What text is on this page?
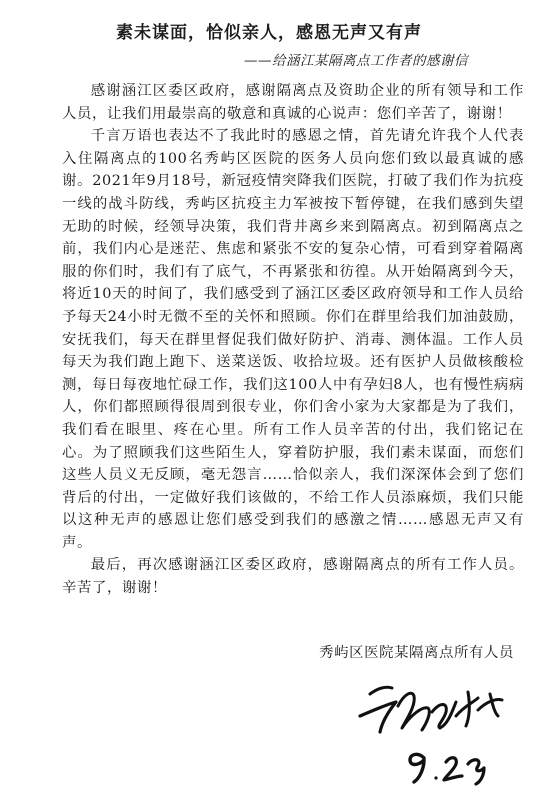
素未谋面，恰似亲人，感恩无声又有声
——给涵江某隔离点工作者的感谢信

感谢涵江区委区政府，感谢隔离点及资助企业的所有领导和工作人员，让我们用最崇高的敬意和真诚的心说声：您们辛苦了，谢谢！

千言万语也表达不了我此时的感恩之情，首先请允许我个人代表入住隔离点的100名秀屿区医院的医务人员向您们致以最真诚的感谢。2021年9月18号，新冠疫情突降我们医院，打破了我们作为抗疫一线的战斗防线，秀屿区抗疫主力军被按下暂停键，在我们感到失望无助的时候，经领导决策，我们背井离乡来到隔离点。初到隔离点之前，我们内心是迷茫、焦虑和紧张不安的复杂心情，可看到穿着隔离服的你们时，我们有了底气，不再紧张和彷徨。从开始隔离到今天，将近10天的时间了，我们感受到了涵江区委区政府领导和工作人员给予每天24小时无微不至的关怀和照顾。你们在群里给我们加油鼓励，安抚我们，每天在群里督促我们做好防护、消毒、测体温。工作人员每天为我们跑上跑下、送菜送饭、收拾垃圾。还有医护人员做核酸检测，每日每夜地忙碌工作，我们这100人中有孕妇8人，也有慢性病病人，你们都照顾得很周到很专业，你们舍小家为大家都是为了我们，我们看在眼里、疼在心里。所有工作人员辛苦的付出，我们铭记在心。为了照顾我们这些陌生人，穿着防护服，我们素未谋面，而您们这些人员义无反顾，毫无怨言……恰似亲人，我们深深体会到了您们背后的付出，一定做好我们该做的，不给工作人员添麻烦，我们只能以这种无声的感恩让您们感受到我们的感激之情……感恩无声又有声。

最后，再次感谢涵江区委区政府，感谢隔离点的所有工作人员。辛苦了，谢谢！

秀屿区医院某隔离点所有人员
